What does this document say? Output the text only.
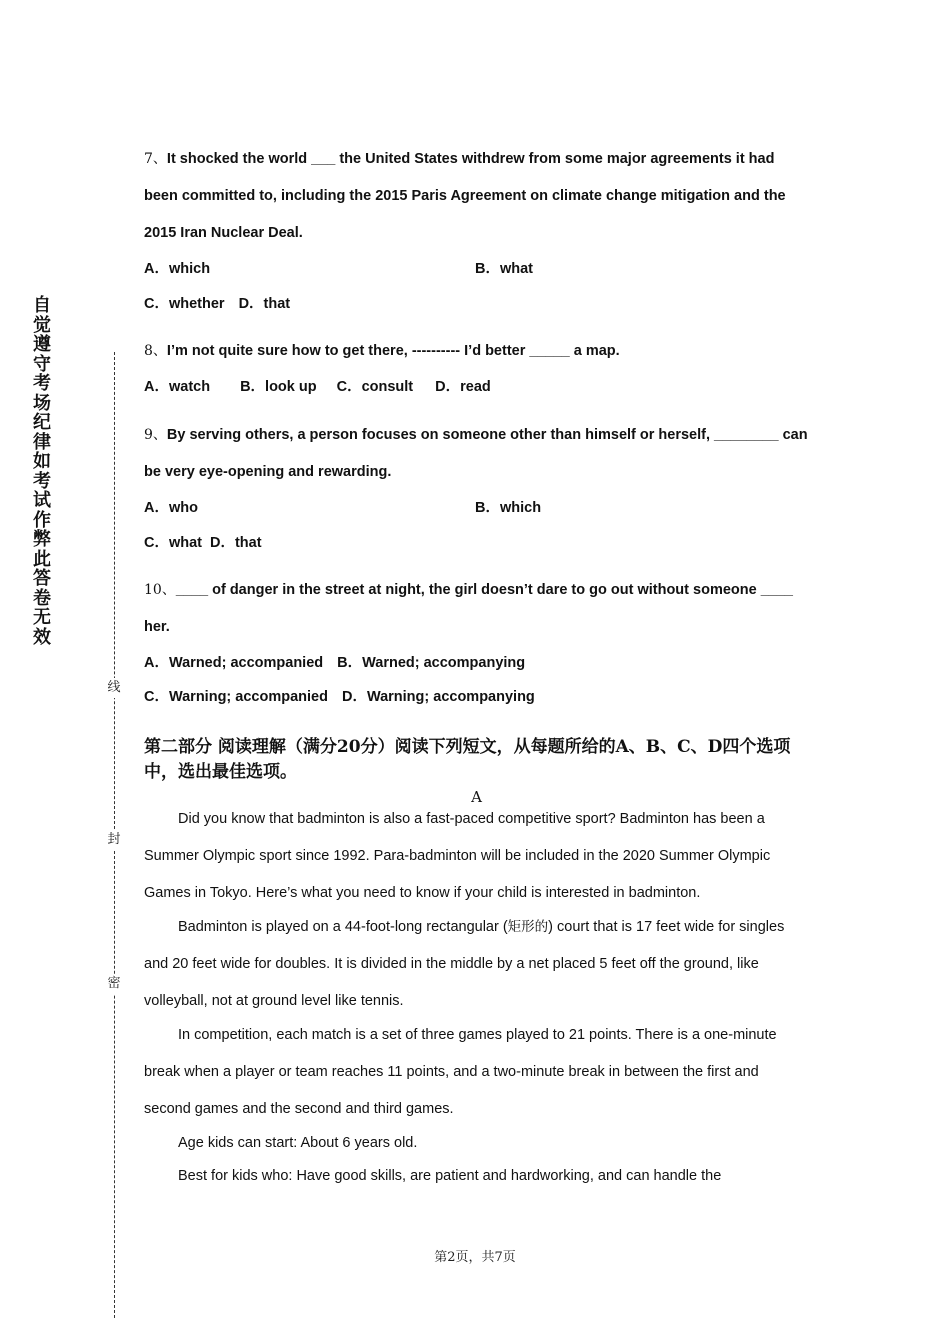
自觉遵守考场纪律如考试作弊此答卷无效
线
封
密

7、It shocked the world ___ the United States withdrew from some major agreements it had been committed to, including the 2015 Paris Agreement on climate change mitigation and the 2015 Iran Nuclear Deal.

A．which	B．what
C．whether D．that

8、I’m not quite sure how to get there, ---------- I’d better _____ a map.

A．watch B．look up C．consult D．read

9、By serving others, a person focuses on someone other than himself or herself, ________ can be very eye-opening and rewarding.

A．who	B．which
C．what D．that

10、____ of danger in the street at night, the girl doesn’t dare to go out without someone ____ her.

A．Warned; accompanied B．Warned; accompanying
C．Warning; accompanied D．Warning; accompanying
第二部分 阅读理解（满分20分）阅读下列短文，从每题所给的A、B、C、D四个选项中，选出最佳选项。
A

Did you know that badminton is also a fast-paced competitive sport? Badminton has been a Summer Olympic sport since 1992. Para-badminton will be included in the 2020 Summer Olympic Games in Tokyo. Here’s what you need to know if your child is interested in badminton.

Badminton is played on a 44-foot-long rectangular (矩形的) court that is 17 feet wide for singles and 20 feet wide for doubles. It is divided in the middle by a net placed 5 feet off the ground, like volleyball, not at ground level like tennis.

In competition, each match is a set of three games played to 21 points. There is a one-minute break when a player or team reaches 11 points, and a two-minute break in between the first and second games and the second and third games.

Age kids can start: About 6 years old.

Best for kids who: Have good skills, are patient and hardworking, and can handle the

第2页，共7页
